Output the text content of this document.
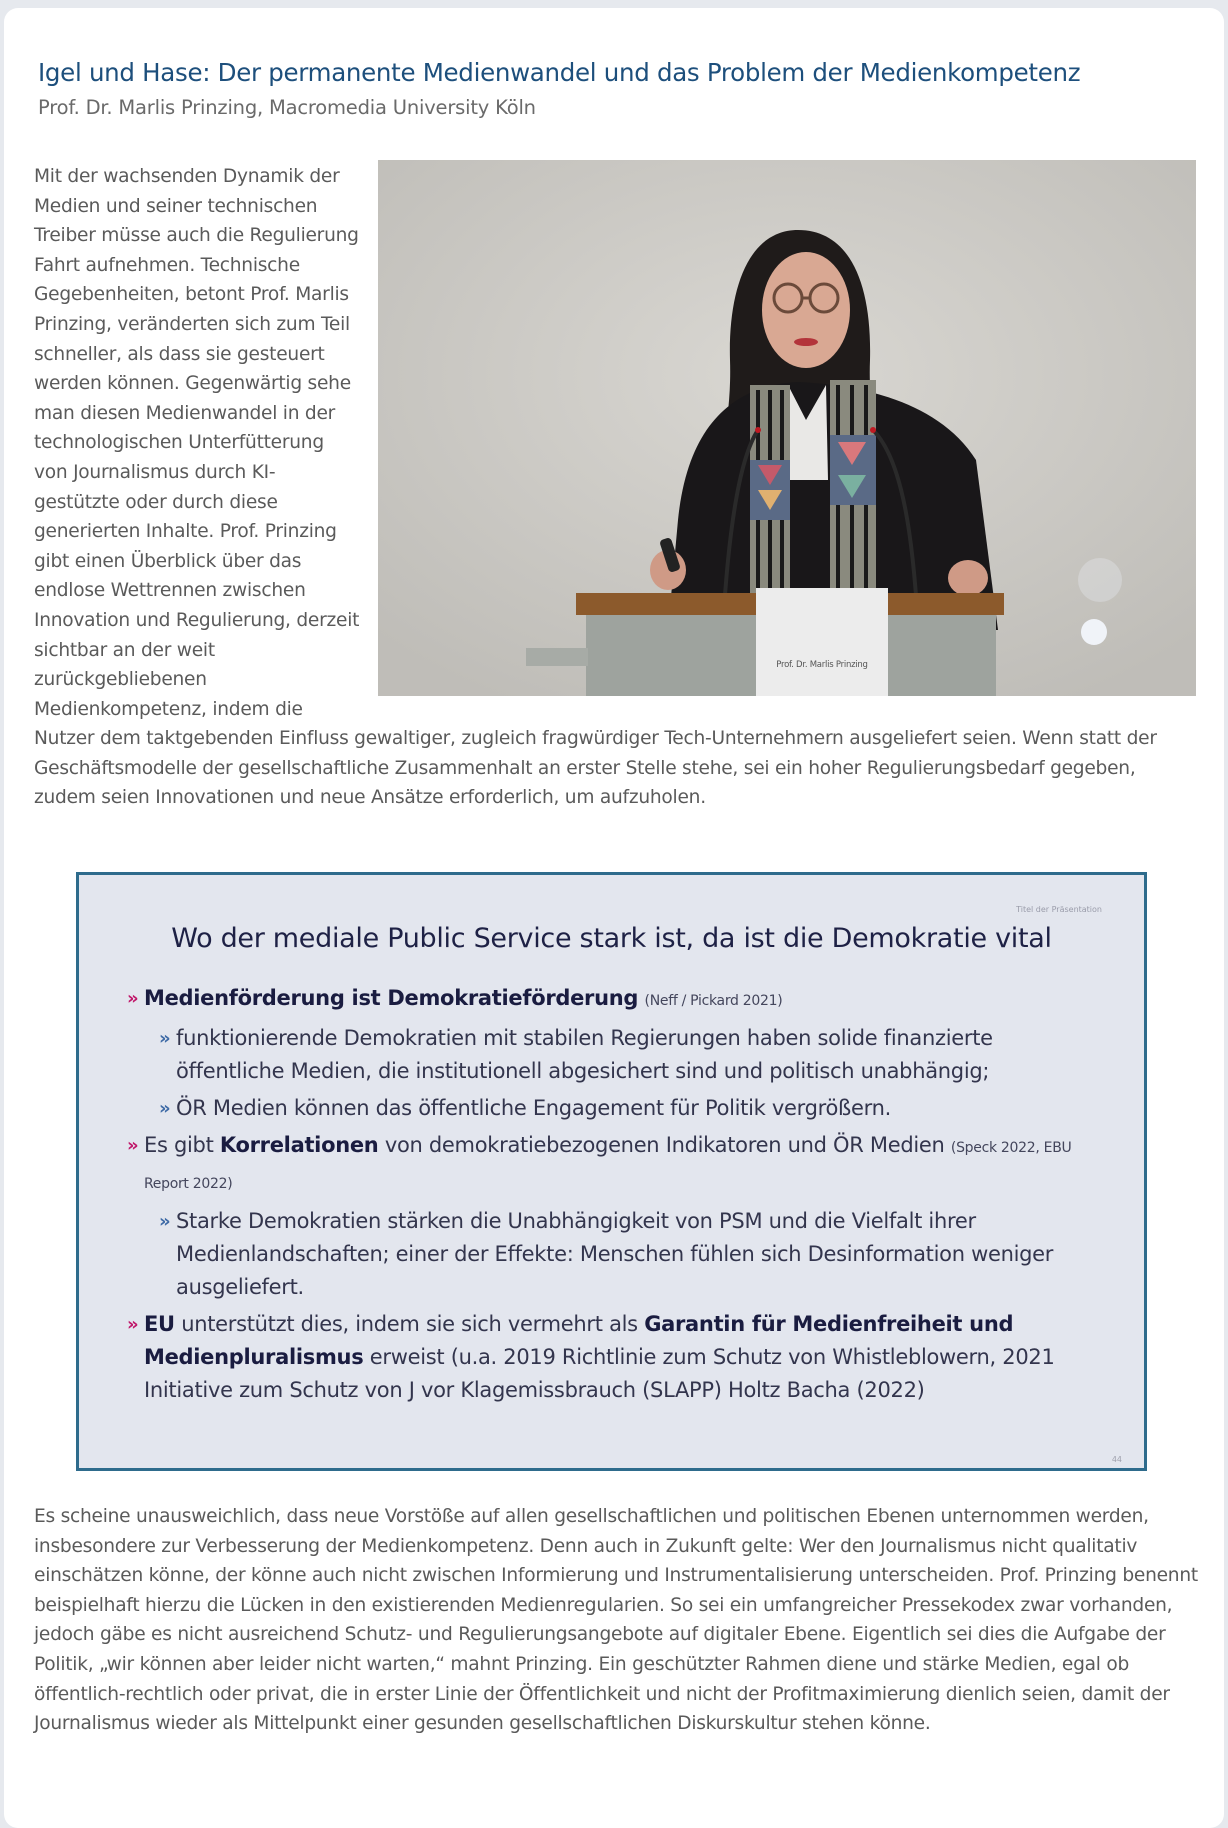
Igel und Hase: Der permanente Medienwandel und das Problem der Medienkompetenz

Prof. Dr. Marlis Prinzing, Macromedia University Köln

Prof. Dr. Marlis Prinzing
Mit der wachsenden Dynamik der Medien und seiner technischen Treiber müsse auch die Regulierung Fahrt aufnehmen. Technische Gegebenheiten, betont Prof. Marlis Prinzing, veränderten sich zum Teil schneller, als dass sie gesteuert werden können. Gegenwärtig sehe man diesen Medienwandel in der technologischen Unterfütterung von Journalismus durch KI-gestützte oder durch diese generierten Inhalte. Prof. Prinzing gibt einen Überblick über das endlose Wettrennen zwischen Innovation und Regulierung, derzeit sichtbar an der weit zurückgebliebenen Medienkompetenz, indem die Nutzer dem taktgebenden Einfluss gewaltiger, zugleich fragwürdiger Tech-Unternehmern ausgeliefert seien. Wenn statt der Geschäftsmodelle der gesellschaftliche Zusammenhalt an erster Stelle stehe, sei ein hoher Regulierungsbedarf gegeben, zudem seien Innovationen und neue Ansätze erforderlich, um aufzuholen.
Titel der Präsentation
Wo der mediale Public Service stark ist, da ist die Demokratie vital
» Medienförderung ist Demokratieförderung (Neff / Pickard 2021)
» funktionierende Demokratien mit stabilen Regierungen haben solide finanzierte öffentliche Medien, die institutionell abgesichert sind und politisch unabhängig;
» ÖR Medien können das öffentliche Engagement für Politik vergrößern.
» Es gibt Korrelationen von demokratiebezogenen Indikatoren und ÖR Medien (Speck 2022, EBU Report 2022)
» Starke Demokratien stärken die Unabhängigkeit von PSM und die Vielfalt ihrer Medienlandschaften; einer der Effekte: Menschen fühlen sich Desinformation weniger ausgeliefert.
» EU unterstützt dies, indem sie sich vermehrt als Garantin für Medienfreiheit und Medienpluralismus erweist (u.a. 2019 Richtlinie zum Schutz von Whistleblowern, 2021 Initiative zum Schutz von J vor Klagemissbrauch (SLAPP) Holtz Bacha (2022)
44

Es scheine unausweichlich, dass neue Vorstöße auf allen gesellschaftlichen und politischen Ebenen unternommen werden, insbesondere zur Verbesserung der Medienkompetenz. Denn auch in Zukunft gelte: Wer den Journalismus nicht qualitativ einschätzen könne, der könne auch nicht zwischen Informierung und Instrumentalisierung unterscheiden. Prof. Prinzing benennt beispielhaft hierzu die Lücken in den existierenden Medienregularien. So sei ein umfangreicher Pressekodex zwar vorhanden, jedoch gäbe es nicht ausreichend Schutz- und Regulierungsangebote auf digitaler Ebene. Eigentlich sei dies die Aufgabe der Politik, „wir können aber leider nicht warten,“ mahnt Prinzing. Ein geschützter Rahmen diene und stärke Medien, egal ob öffentlich-rechtlich oder privat, die in erster Linie der Öffentlichkeit und nicht der Profitmaximierung dienlich seien, damit der Journalismus wieder als Mittelpunkt einer gesunden gesellschaftlichen Diskurskultur stehen könne.
